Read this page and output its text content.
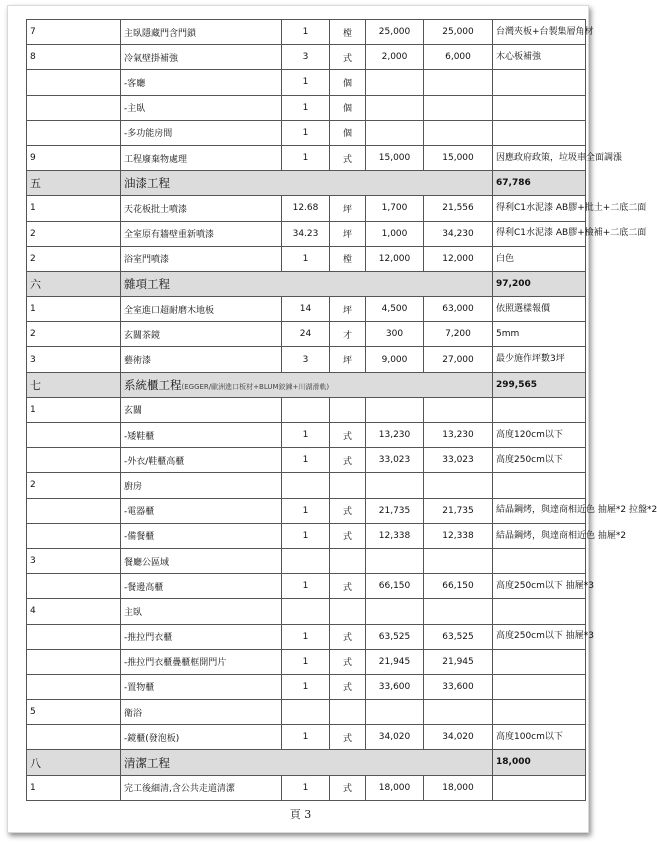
7	主臥隱藏門含門鎖	1	樘	25,000	25,000	台灣夾板+台製集層角材
8	冷氣壁掛補強	3	式	2,000	6,000	木心板補強
	-客廳	1	個			
	-主臥	1	個			
	-多功能房間	1	個			
9	工程廢棄物處理	1	式	15,000	15,000	因應政府政策，垃圾車全面調漲
五	油漆工程					67,786
1	天花板批土噴漆	12.68	坪	1,700	21,556	得利C1水泥漆 AB膠+批土+二底二面
2	全室原有牆壁重新噴漆	34.23	坪	1,000	34,230	得利C1水泥漆 AB膠+檢補+二底二面
2	浴室門噴漆	1	樘	12,000	12,000	白色
六	雜項工程					97,200
1	全室進口超耐磨木地板	14	坪	4,500	63,000	依照選樣報價
2	玄關茶鏡	24	才	300	7,200	5mm
3	藝術漆	3	坪	9,000	27,000	最少施作坪數3坪
七	系統櫃工程(EGGER/歐洲進口板材+BLUM鉸鍊+川湖滑軌)					299,565
1	玄關					
	-矮鞋櫃	1	式	13,230	13,230	高度120cm以下
	-外衣/鞋櫃高櫃	1	式	33,023	33,023	高度250cm以下
2	廚房					
	-電器櫃	1	式	21,735	21,735	結晶鋼烤，與達商相近色 抽屜*2 拉盤*2
	-備餐櫃	1	式	12,338	12,338	結晶鋼烤，與達商相近色 抽屜*2
3	餐廳公區域					
	-餐邊高櫃	1	式	66,150	66,150	高度250cm以下 抽屜*3
4	主臥					
	-推拉門衣櫃	1	式	63,525	63,525	高度250cm以下 抽屜*3
	-推拉門衣櫃疊櫃框開門片	1	式	21,945	21,945	
	-置物櫃	1	式	33,600	33,600	
5	衛浴					
	-鏡櫃(發泡板)	1	式	34,020	34,020	高度100cm以下
八	清潔工程					18,000
1	完工後細清,含公共走道清潔	1	式	18,000	18,000	
頁 3
